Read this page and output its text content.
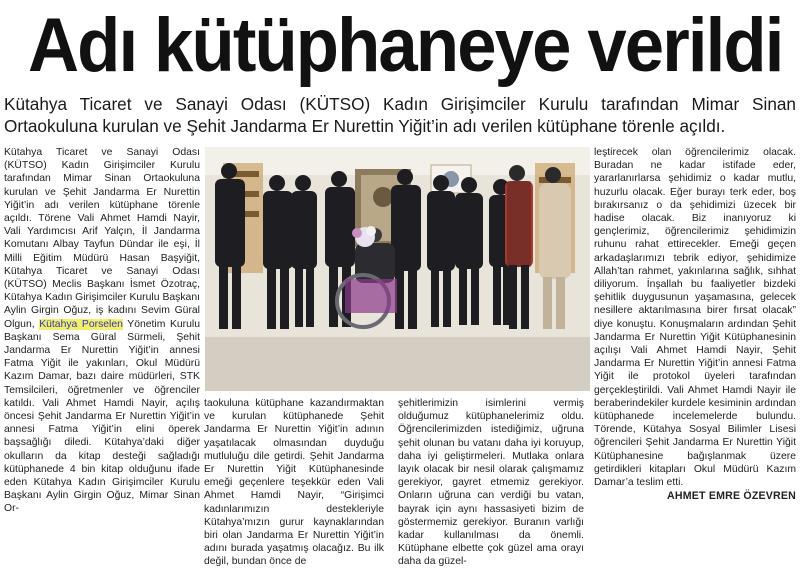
Adı kütüphaneye verildi
Kütahya Ticaret ve Sanayi Odası (KÜTSO) Kadın Girişimciler Kurulu tarafından Mimar Sinan Ortaokuluna kurulan ve Şehit Jandarma Er Nurettin Yiğit’in adı verilen kütüphane törenle açıldı.

Kütahya Ticaret ve Sanayi Odası (KÜTSO) Kadın Girişimciler Kurulu tarafından Mimar Sinan Ortaokuluna kurulan ve Şehit Jandarma Er Nurettin Yiğit’in adı verilen kütüphane törenle açıldı. Törene Vali Ahmet Hamdi Nayir, Vali Yardımcısı Arif Yalçın, İl Jandarma Komutanı Albay Tayfun Dündar ile eşi, İl Milli Eğitim Müdürü Hasan Başyiğit, Kütahya Ticaret ve Sanayi Odası (KÜTSO) Meclis Başkanı İsmet Özotraç, Kütahya Kadın Girişimciler Kurulu Başkanı Aylin Girgin Oğuz, iş kadını Sevim Güral Olgun, Kütahya Porselen Yönetim Kurulu Başkanı Sema Güral Sürmeli, Şehit Jandarma Er Nurettin Yiğit’in annesi Fatma Yiğit ile yakınları, Okul Müdürü Kazım Damar, bazı daire müdürleri, STK Temsilcileri, öğretmenler ve öğrenciler katıldı. Vali Ahmet Hamdi Nayir, açılış öncesi Şehit Jandarma Er Nurettin Yiğit’in annesi Fatma Yiğit’in elini öperek başsağlığı diledi. Kütahya’daki diğer okulların da kitap desteği sağladığı kütüphanede 4 bin kitap olduğunu ifade eden Kütahya Kadın Girişimciler Kurulu Başkanı Aylin Girgin Oğuz, Mimar Sinan Or-

taokuluna kütüphane kazandırmaktan ve kurulan kütüphanede Şehit Jandarma Er Nurettin Yiğit’in adının yaşatılacak olmasından duyduğu mutluluğu dile getirdi. Şehit Jandarma Er Nurettin Yiğit Kütüphanesinde emeği geçenlere teşekkür eden Vali Ahmet Hamdi Nayir, “Girişimci kadınlarımızın destekleriyle Kütahya’mızın gurur kaynaklarından biri olan Jandarma Er Nurettin Yiğit’in adını burada yaşatmış olacağız. Bu ilk değil, bundan önce de

şehitlerimizin isimlerini vermiş olduğumuz kütüphanelerimiz oldu. Öğrencilerimizden istediğimiz, uğruna şehit olunan bu vatanı daha iyi koruyup, daha iyi geliştirmeleri. Mutlaka onlara layık olacak bir nesil olarak çalışmamız gerekiyor, gayret etmemiz gerekiyor. Onların uğruna can verdiği bu vatan, bayrak için aynı hassasiyeti bizim de göstermemiz gerekiyor. Buranın varlığı kadar kullanılması da önemli. Kütüphane elbette çok güzel ama orayı daha da güzel-

leştirecek olan öğrencilerimiz olacak. Buradan ne kadar istifade eder, yararlanırlarsa şehidimiz o kadar mutlu, huzurlu olacak. Eğer burayı terk eder, boş bırakırsanız o da şehidimizi üzecek bir hadise olacak. Biz inanıyoruz ki gençlerimiz, öğrencilerimiz şehidimizin ruhunu rahat ettirecekler. Emeği geçen arkadaşlarımızı tebrik ediyor, şehidimize Allah’tan rahmet, yakınlarına sağlık, sıhhat diliyorum. İnşallah bu faaliyetler bizdeki şehitlik duygusunun yaşamasına, gelecek nesillere aktarılmasına birer fırsat olacak” diye konuştu. Konuşmaların ardından Şehit Jandarma Er Nurettin Yiğit Kütüphanesinin açılışı Vali Ahmet Hamdi Nayir, Şehit Jandarma Er Nurettin Yiğit’in annesi Fatma Yiğit ile protokol üyeleri tarafından gerçekleştirildi. Vali Ahmet Hamdi Nayir ile beraberindekiler kurdele kesiminin ardından kütüphanede incelemelerde bulundu. Törende, Kütahya Sosyal Bilimler Lisesi öğrencileri Şehit Jandarma Er Nurettin Yiğit Kütüphanesine bağışlanmak üzere getirdikleri kitapları Okul Müdürü Kazım Damar’a teslim etti.

AHMET EMRE ÖZEVREN
